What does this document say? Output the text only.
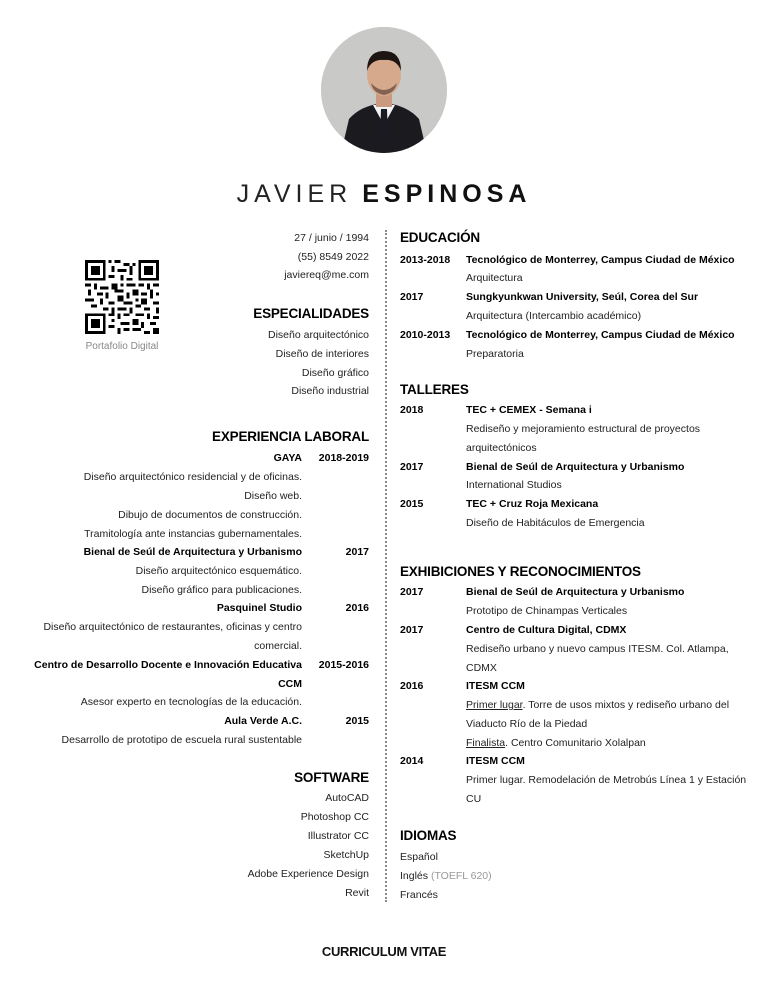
JAVIER ESPINOSA
27 / junio / 1994
(55) 8549 2022
javiereq@me.com
Portafolio Digital
ESPECIALIDADES
Diseño arquitectónico
Diseño de interiores
Diseño gráfico
Diseño industrial
EXPERIENCIA LABORAL
GAYA 2018-2019
Diseño arquitectónico residencial y de oficinas.
Diseño web.
Dibujo de documentos de construcción.
Tramitología ante instancias gubernamentales.
Bienal de Seúl de Arquitectura y Urbanismo	2017
Diseño arquitectónico esquemático.
Diseño gráfico para publicaciones.
Pasquinel Studio	2016
Diseño arquitectónico de restaurantes, oficinas y centro
comercial.
Centro de Desarrollo Docente e Innovación Educativa 2015-2016
CCM
Asesor experto en tecnologías de la educación.
Aula Verde A.C.	2015
Desarrollo de prototipo de escuela rural sustentable
SOFTWARE
AutoCAD
Photoshop CC
Illustrator CC
SketchUp
Adobe Experience Design
Revit
EDUCACIÓN
2013-2018 Tecnológico de Monterrey, Campus Ciudad de México
Arquitectura
2017	Sungkyunkwan University, Seúl, Corea del Sur
Arquitectura (Intercambio académico)
2010-2013 Tecnológico de Monterrey, Campus Ciudad de México
Preparatoria
TALLERES
2018	TEC + CEMEX - Semana i
Rediseño y mejoramiento estructural de proyectos
arquitectónicos
2017	Bienal de Seúl de Arquitectura y Urbanismo
International Studios
2015	TEC + Cruz Roja Mexicana
Diseño de Habitáculos de Emergencia
EXHIBICIONES Y RECONOCIMIENTOS
2017	Bienal de Seúl de Arquitectura y Urbanismo
Prototipo de Chinampas Verticales
2017	Centro de Cultura Digital, CDMX
Rediseño urbano y nuevo campus ITESM. Col. Atlampa,
CDMX
2016	ITESM CCM
Primer lugar. Torre de usos mixtos y rediseño urbano del
Viaducto Río de la Piedad
Finalista. Centro Comunitario Xolalpan
2014	ITESM CCM
Primer lugar. Remodelación de Metrobús Línea 1 y Estación
CU
IDIOMAS
Español
Inglés (TOEFL 620)
Francés
CURRICULUM VITAE
